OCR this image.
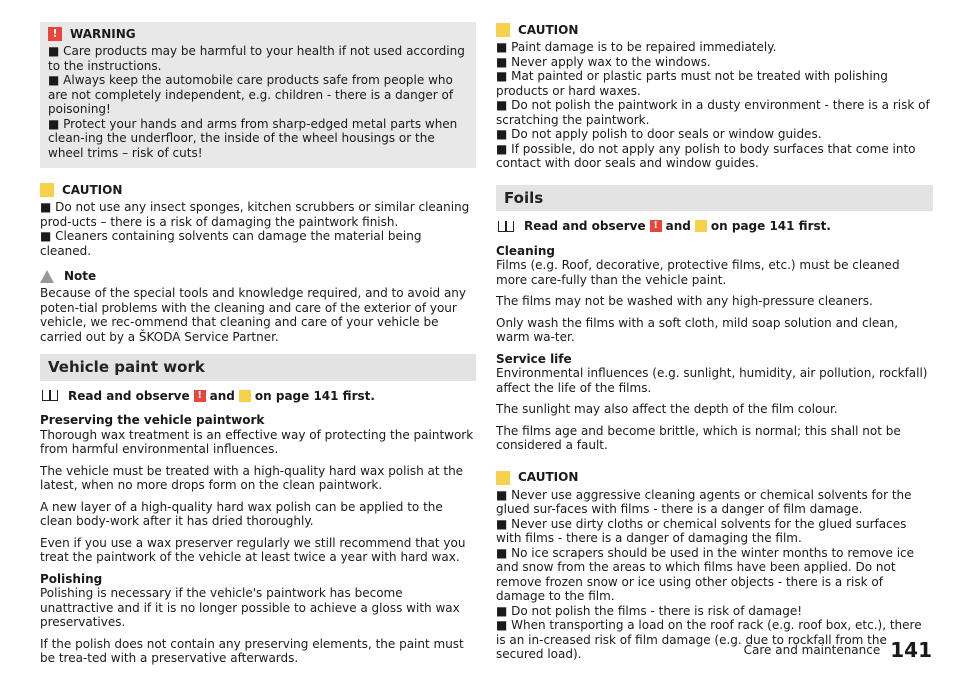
!	WARNING

■ Care products may be harmful to your health if not used according to the instructions.

■ Always keep the automobile care products safe from people who are not completely independent, e.g. children - there is a danger of poisoning!

■ Protect your hands and arms from sharp-edged metal parts when clean-ing the underfloor, the inside of the wheel housings or the wheel trims – risk of cuts!

!	CAUTION

■ Do not use any insect sponges, kitchen scrubbers or similar cleaning prod-ucts – there is a risk of damaging the paintwork finish.

■ Cleaners containing solvents can damage the material being cleaned.

Note

Because of the special tools and knowledge required, and to avoid any poten-tial problems with the cleaning and care of the exterior of your vehicle, we rec-ommend that cleaning and care of your vehicle be carried out by a ŠKODA Service Partner.

Vehicle paint work
Read and observe ! and on page 141 first.

Preserving the vehicle paintwork

Thorough wax treatment is an effective way of protecting the paintwork from harmful environmental influences.

The vehicle must be treated with a high-quality hard wax polish at the latest, when no more drops form on the clean paintwork.

A new layer of a high-quality hard wax polish can be applied to the clean body-work after it has dried thoroughly.

Even if you use a wax preserver regularly we still recommend that you treat the paintwork of the vehicle at least twice a year with hard wax.

Polishing

Polishing is necessary if the vehicle's paintwork has become unattractive and if it is no longer possible to achieve a gloss with wax preservatives.

If the polish does not contain any preserving elements, the paint must be trea-ted with a preservative afterwards.

!	CAUTION

■ Paint damage is to be repaired immediately.

■ Never apply wax to the windows.

■ Mat painted or plastic parts must not be treated with polishing products or hard waxes.

■ Do not polish the paintwork in a dusty environment - there is a risk of scratching the paintwork.

■ Do not apply polish to door seals or window guides.

■ If possible, do not apply any polish to body surfaces that come into contact with door seals and window guides.

Foils
Read and observe ! and on page 141 first.

Cleaning

Films (e.g. Roof, decorative, protective films, etc.) must be cleaned more care-fully than the vehicle paint.

The films may not be washed with any high-pressure cleaners.

Only wash the films with a soft cloth, mild soap solution and clean, warm wa-ter.

Service life

Environmental influences (e.g. sunlight, humidity, air pollution, rockfall) affect the life of the films.

The sunlight may also affect the depth of the film colour.

The films age and become brittle, which is normal; this shall not be considered a fault.

!	CAUTION

■ Never use aggressive cleaning agents or chemical solvents for the glued sur-faces with films - there is a danger of film damage.

■ Never use dirty cloths or chemical solvents for the glued surfaces with films - there is a danger of damaging the film.

■ No ice scrapers should be used in the winter months to remove ice and snow from the areas to which films have been applied. Do not remove frozen snow or ice using other objects - there is a risk of damage to the film.

■ Do not polish the films - there is risk of damage!

■ When transporting a load on the roof rack (e.g. roof box, etc.), there is an in-creased risk of film damage (e.g. due to rockfall from the secured load).	Care and maintenance 141
